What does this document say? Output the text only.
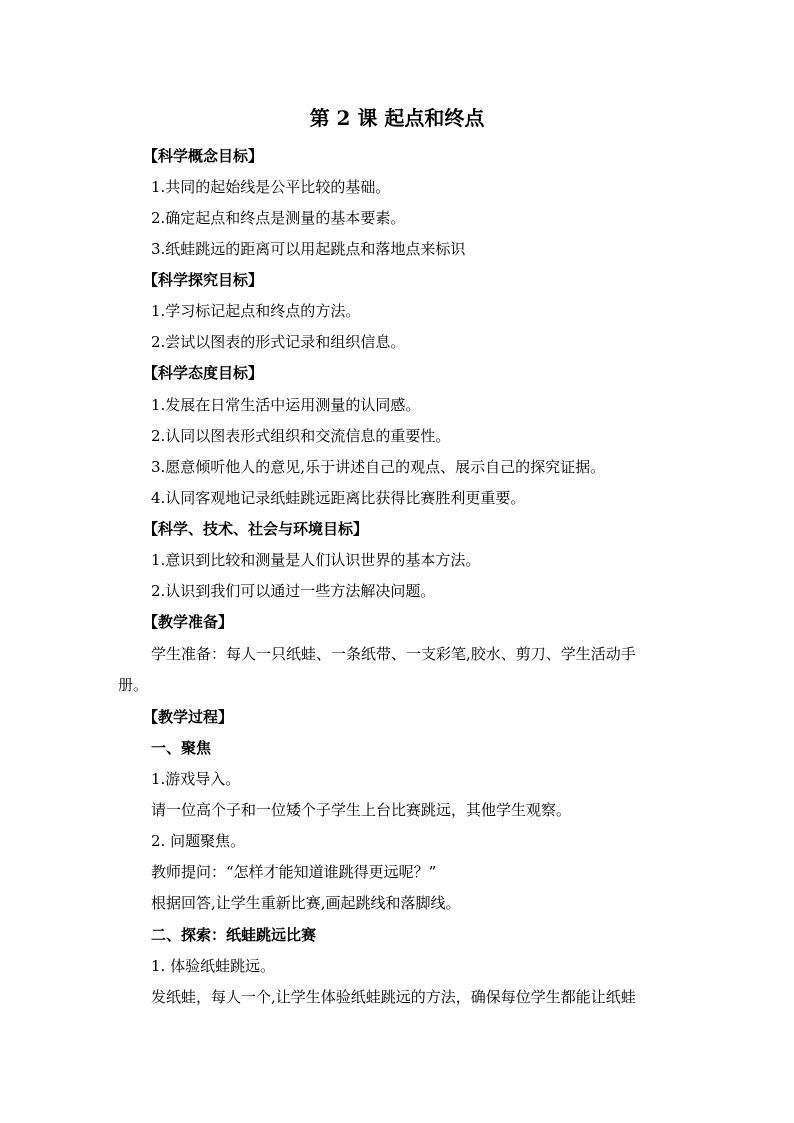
第 2 课 起点和终点
【科学概念目标】
1.共同的起始线是公平比较的基础。
2.确定起点和终点是测量的基本要素。
3.纸蛙跳远的距离可以用起跳点和落地点来标识
【科学探究目标】
1.学习标记起点和终点的方法。
2.尝试以图表的形式记录和组织信息。
【科学态度目标】
1.发展在日常生活中运用测量的认同感。
2.认同以图表形式组织和交流信息的重要性。
3.愿意倾听他人的意见,乐于讲述自己的观点、展示自己的探究证据。
4.认同客观地记录纸蛙跳远距离比获得比赛胜利更重要。
【科学、技术、社会与环境目标】
1.意识到比较和测量是人们认识世界的基本方法。
2.认识到我们可以通过一些方法解决问题。
【教学准备】
学生准备：每人一只纸蛙、一条纸带、一支彩笔,胶水、剪刀、学生活动手
册。
【教学过程】
一、聚焦
1.游戏导入。
请一位高个子和一位矮个子学生上台比赛跳远，其他学生观察。
2. 问题聚焦。
教师提问：“怎样才能知道谁跳得更远呢？”
根据回答,让学生重新比赛,画起跳线和落脚线。
二、探索：纸蛙跳远比赛
1. 体验纸蛙跳远。
发纸蛙，每人一个,让学生体验纸蛙跳远的方法，确保每位学生都能让纸蛙
